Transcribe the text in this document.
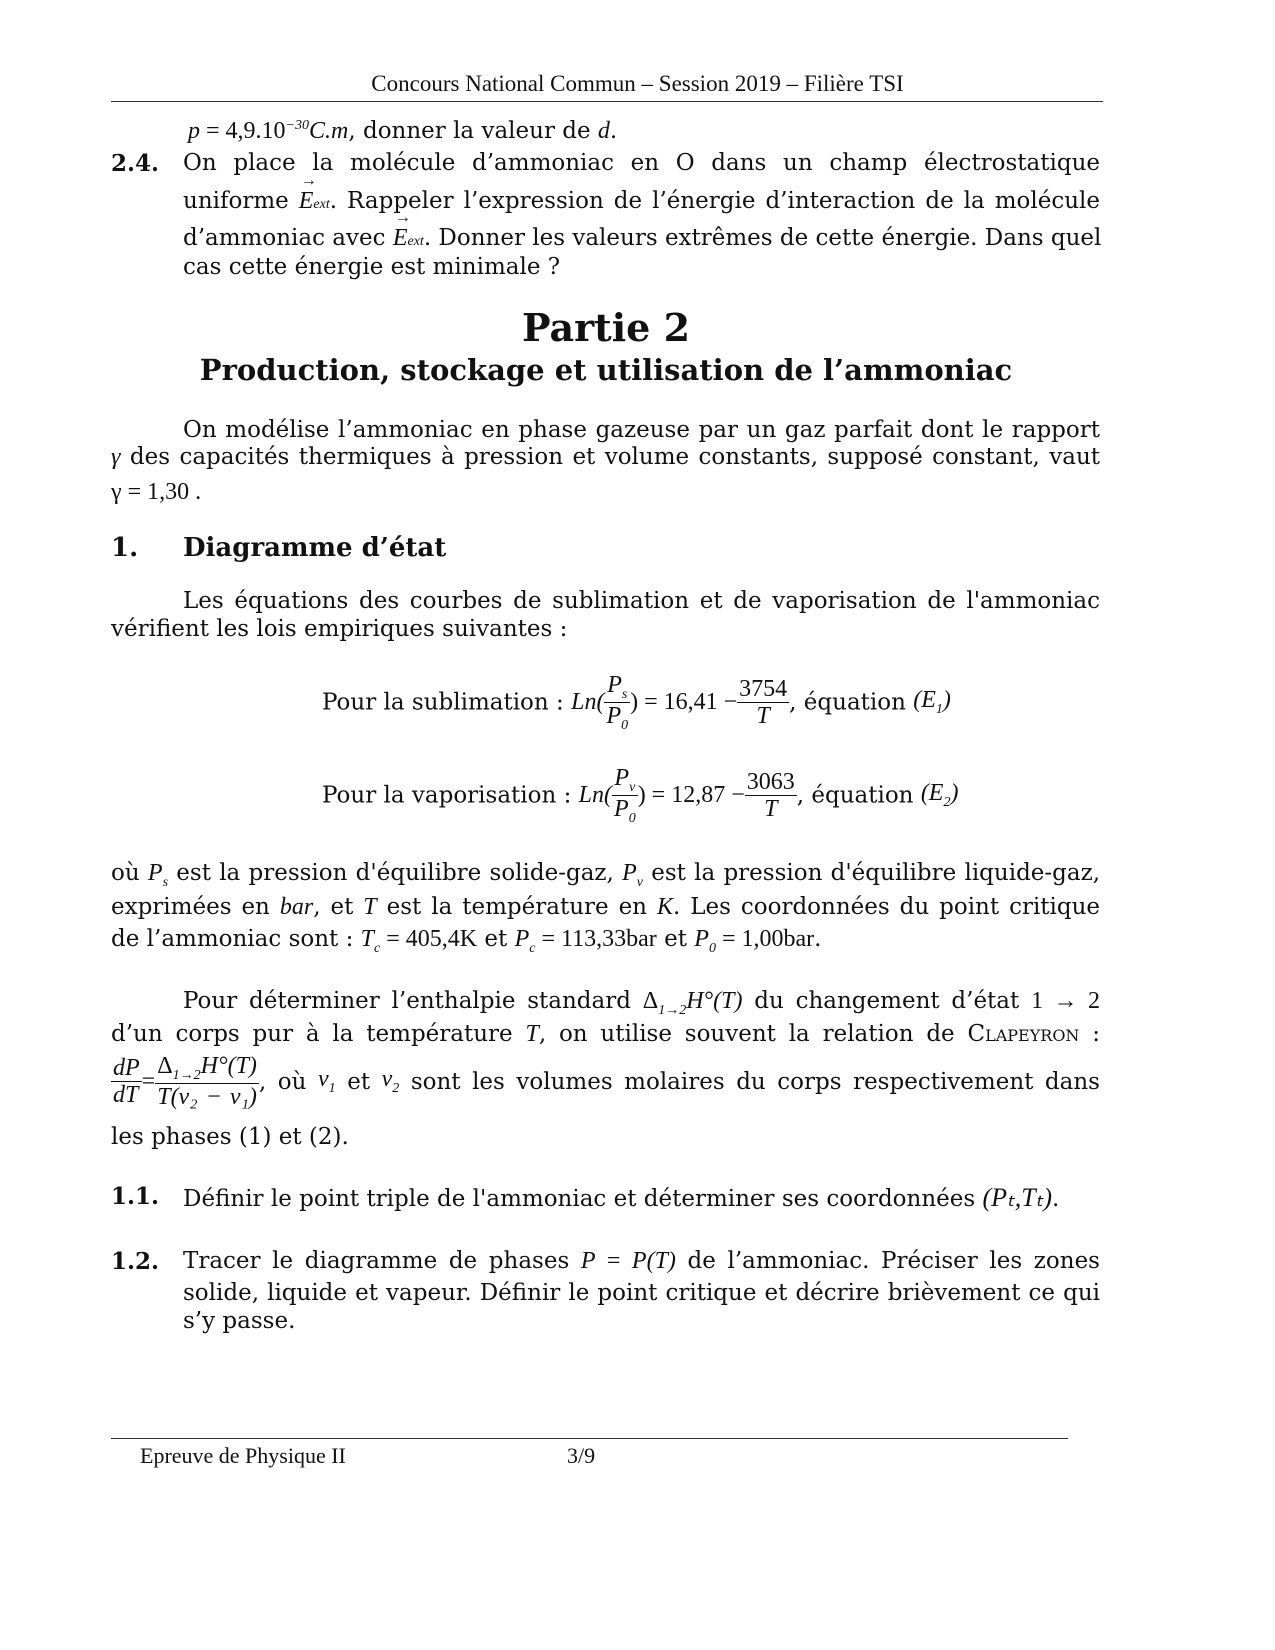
Concours National Commun – Session 2019 – Filière TSI
$p = 4,9.10^{-30}C.m$, donner la valeur de d.
2.4. On place la molécule d’ammoniac en O dans un champ électrostatique
uniforme → Eext. Rappeler l’expression de l’énergie d’interaction de la molécule
d’ammoniac avec → Eext. Donner les valeurs extrêmes de cette énergie. Dans quel
cas cette énergie est minimale ?
Partie 2
Production, stockage et utilisation de l’ammoniac
On modélise l’ammoniac en phase gazeuse par un gaz parfait dont le rapport
γ des capacités thermiques à pression et volume constants, supposé constant, vaut
γ = 1,30 .
1. Diagramme d’état
Les équations des courbes de sublimation et de vaporisation de l'ammoniac
vérifient les lois empiriques suivantes :
Pour la sublimation : $Ln( \frac{P_s}{P_0}$ ) = $16,41 - \frac{3754}{T}$ , équation $(E_1)$
Pour la vaporisation : $Ln( \frac{P_v}{P_0}$ ) = $12,87 - \frac{3063}{T}$ , équation $(E_2)$
où $P_s$ est la pression d'équilibre solide-gaz, $P_v$ est la pression d'équilibre liquide-gaz,
exprimées en bar, et T est la température en K. Les coordonnées du point critique
de l’ammoniac sont : $T_c = 405,4K$ et $P_c = 113,33bar$ et $P_0 = 1,00bar$.
Pour déterminer l’enthalpie standard $\Delta_{1\to 2}H^\circ(T)$ du changement d’état 1 → 2
d’un corps pur à la température T, on utilise souvent la relation de Clapeyron :
$\frac{dP}{dT} = \frac{\Delta_{1\to 2}H^\circ(T)}{\text{T(v₂ − v₁)}}$ , où $v_1$ et $v_2$ sont les volumes molaires du corps respectivement dans
les phases (1) et (2).
1.1. Définir le point triple de l'ammoniac et déterminer ses coordonnées (Pₜ,Tₜ).
1.2. Tracer le diagramme de phases P = P(T) de l’ammoniac. Préciser les zones
solide, liquide et vapeur. Définir le point critique et décrire brièvement ce qui
s’y passe.
Epreuve de Physique II	3/9
